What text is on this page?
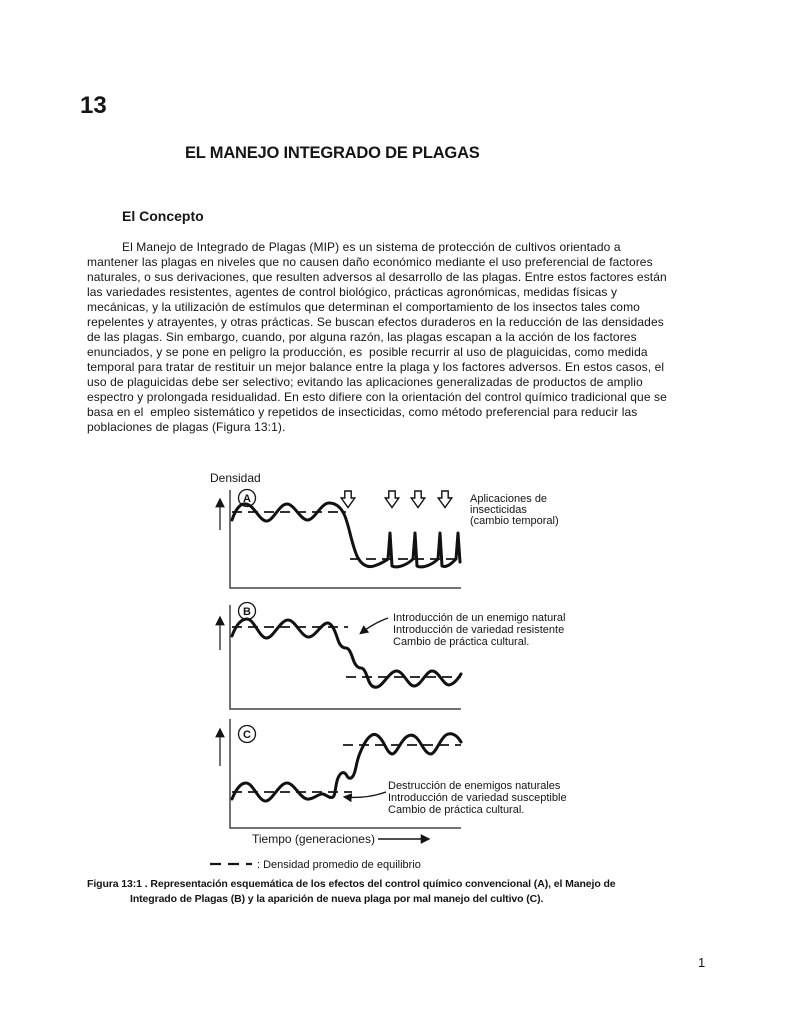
13
EL MANEJO INTEGRADO DE PLAGAS
El Concepto
El Manejo de Integrado de Plagas (MIP) es un sistema de protección de cultivos orientado a
mantener las plagas en niveles que no causen daño económico mediante el uso preferencial de factores
naturales, o sus derivaciones, que resulten adversos al desarrollo de las plagas. Entre estos factores están
las variedades resistentes, agentes de control biológico, prácticas agronómicas, medidas físicas y
mecánicas, y la utilización de estímulos que determinan el comportamiento de los insectos tales como
repelentes y atrayentes, y otras prácticas. Se buscan efectos duraderos en la reducción de las densidades
de las plagas. Sin embargo, cuando, por alguna razón, las plagas escapan a la acción de los factores
enunciados, y se pone en peligro la producción, es  posible recurrir al uso de plaguicidas, como medida
temporal para tratar de restituir un mejor balance entre la plaga y los factores adversos. En estos casos, el
uso de plaguicidas debe ser selectivo; evitando las aplicaciones generalizadas de productos de amplio
espectro y prolongada residualidad. En esto difiere con la orientación del control químico tradicional que se
basa en el  empleo sistemático y repetidos de insecticidas, como método preferencial para reducir las
poblaciones de plagas (Figura 13:1).
Densidad
A	Aplicaciones de
insecticidas
(cambio temporal)
B	Introducción de un enemigo natural
Introducción de variedad resistente
Cambio de práctica cultural.
C
Destrucción de enemigos naturales
Introducción de variedad susceptible
Cambio de práctica cultural.
Tiempo (generaciones)
: Densidad promedio de equilibrio
Figura 13:1 . Representación esquemática de los efectos del control químico convencional (A), el Manejo de
Integrado de Plagas (B) y la aparición de nueva plaga por mal manejo del cultivo (C).
1
